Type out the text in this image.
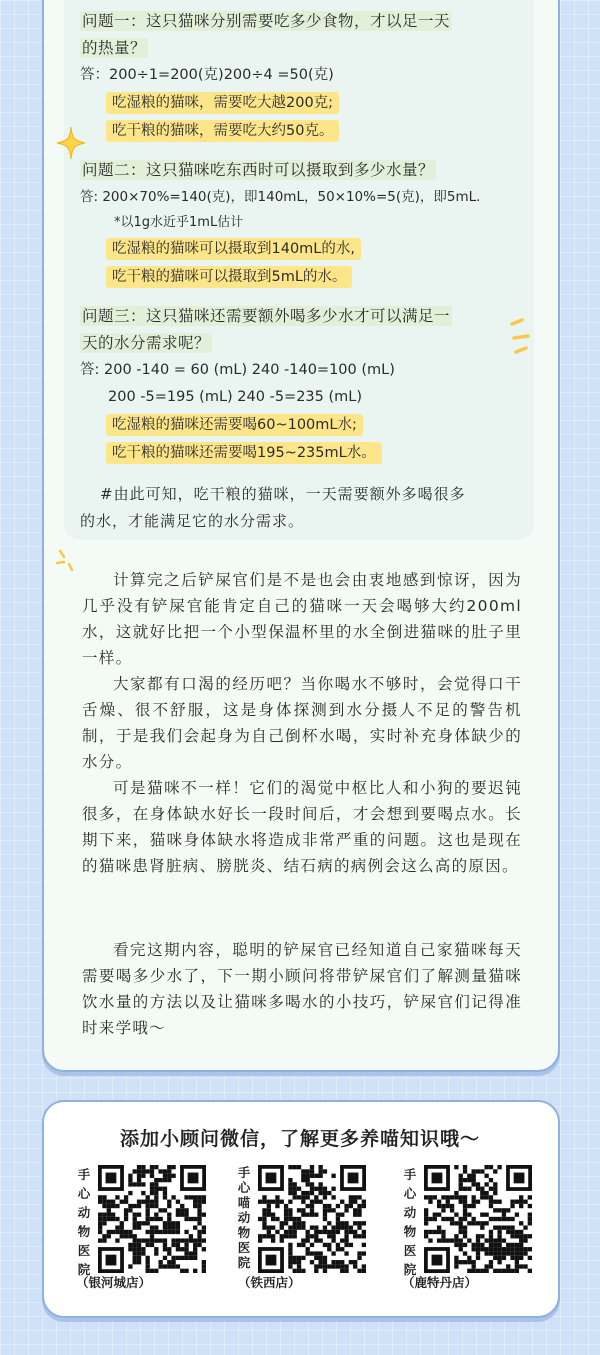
问题一：这只猫咪分别需要吃多少食物，才以足一天
的热量？
答：200÷1=200(克)200÷4 =50(克)
吃湿粮的猫咪，需要吃大越200克;
吃干粮的猫咪，需要吃大约50克。
问题二：这只猫咪吃东西时可以摄取到多少水量？
答: 200×70%=140(克)，即140mL，50×10%=5(克)，即5mL.
*以1g水近乎1mL估计
吃湿粮的猫咪可以摄取到140mL的水,
吃干粮的猫咪可以摄取到5mL的水。
问题三：这只猫咪还需要额外喝多少水才可以满足一
天的水分需求呢？
答: 200 -140 = 60 (mL) 240 -140=100 (mL)
200 -5=195 (mL) 240 -5=235 (mL)
吃湿粮的猫咪还需要喝60~100mL水;
吃干粮的猫咪还需要喝195~235mL水。
#由此可知，吃干粮的猫咪，一天需要额外多喝很多
的水，才能满足它的水分需求。
计算完之后铲屎官们是不是也会由衷地感到惊讶，因为几乎没有铲屎官能肯定自己的猫咪一天会喝够大约200ml水，这就好比把一个小型保温杯里的水全倒进猫咪的肚子里一样。
大家都有口渴的经历吧？当你喝水不够时，会觉得口干舌燥、很不舒服，这是身体探测到水分摄人不足的警告机制，于是我们会起身为自己倒杯水喝，实时补充身体缺少的水分。
可是猫咪不一样！它们的渴觉中枢比人和小狗的要迟钝很多，在身体缺水好长一段时间后，才会想到要喝点水。长期下来，猫咪身体缺水将造成非常严重的问题。这也是现在的猫咪患肾脏病、膀胱炎、结石病的病例会这么高的原因。
看完这期内容，聪明的铲屎官已经知道自己家猫咪每天需要喝多少水了，下一期小顾问将带铲屎官们了解测量猫咪饮水量的方法以及让猫咪多喝水的小技巧，铲屎官们记得准时来学哦～
添加小顾问微信，了解更多养喵知识哦～
手
心
动
物
医
院
（银河城店）
手
心
喵
动
物
医
院
（铁西店）
手
心
动
物
医
院
（鹿特丹店）
